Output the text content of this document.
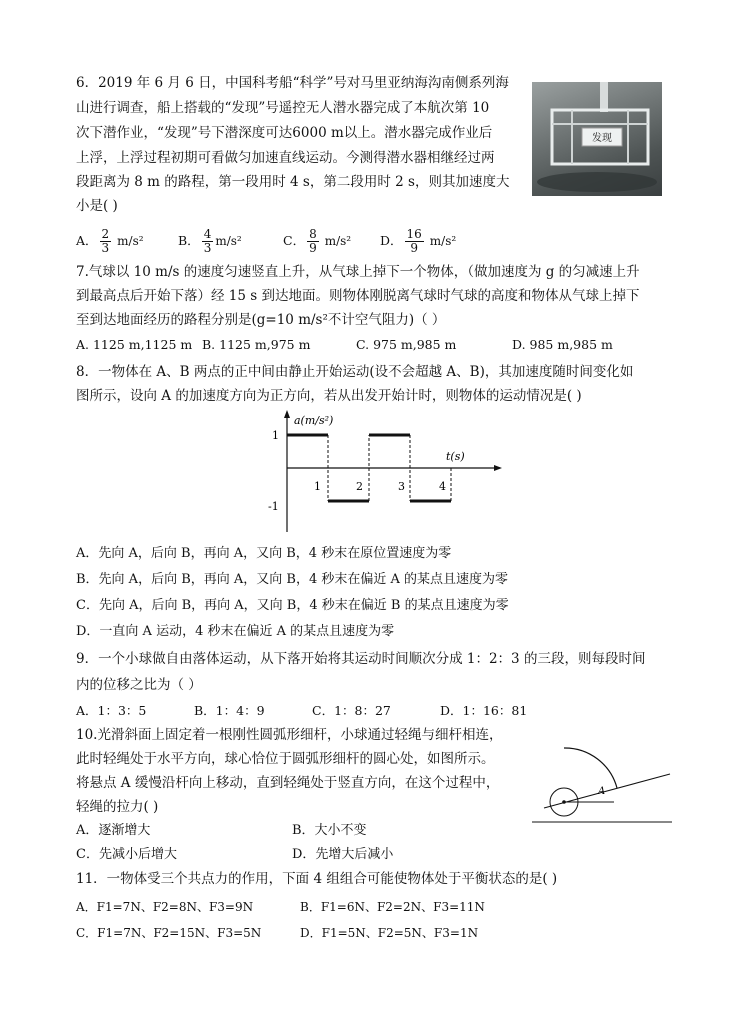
6．2019 年 6 月 6 日，中国科考船“科学”号对马里亚纳海沟南侧系列海
山进行调查，船上搭载的“发现”号遥控无人潜水器完成了本航次第 10
次下潜作业，“发现”号下潜深度可达6000 m以上。潜水器完成作业后
上浮，上浮过程初期可看做匀加速直线运动。今测得潜水器相继经过两
段距离为 8 m 的路程，第一段用时 4 s，第二段用时 2 s，则其加速度大
小是( )
发现
A． $\frac{2}{3} m/s^2$	B． $\frac{4}{3} m/s^2$	C． $\frac{8}{9} m/s^2$ D． $\frac{16}{9} m/s^2$
7.气球以 10 m/s 的速度匀速竖直上升，从气球上掉下一个物体，（做加速度为 g 的匀减速上升
到最高点后开始下落）经 15 s 到达地面。则物体刚脱离气球时气球的高度和物体从气球上掉下
至到达地面经历的路程分别是(g=10 m/s²不计空气阻力)（ ）
A. 1125 m,1125 m B. 1125 m,975 m	C. 975 m,985 m	D. 985 m,985 m
8．一物体在 A、B 两点的正中间由静止开始运动(设不会超越 A、B)，其加速度随时间变化如
图所示，设向 A 的加速度方向为正方向，若从出发开始计时，则物体的运动情况是( )
a(m/s²)
t(s)
1
-1
1	2	3	4
A．先向 A，后向 B，再向 A，又向 B，4 秒末在原位置速度为零
B．先向 A，后向 B，再向 A，又向 B，4 秒末在偏近 A 的某点且速度为零
C．先向 A，后向 B，再向 A，又向 B，4 秒末在偏近 B 的某点且速度为零
D．一直向 A 运动，4 秒末在偏近 A 的某点且速度为零
9．一个小球做自由落体运动，从下落开始将其运动时间顺次分成 1：2：3 的三段，则每段时间
内的位移之比为（ ）
A．1：3：5	B．1：4：9	C．1：8：27	D．1：16：81
10.光滑斜面上固定着一根刚性圆弧形细杆，小球通过轻绳与细杆相连，
此时轻绳处于水平方向，球心恰位于圆弧形细杆的圆心处，如图所示。
将悬点 A 缓慢沿杆向上移动，直到轻绳处于竖直方向，在这个过程中，
轻绳的拉力( )
A
A．逐渐增大	B．大小不变
C．先减小后增大	D．先增大后减小
11．一物体受三个共点力的作用，下面 4 组组合可能使物体处于平衡状态的是( )
A．F1=7N、F2=8N、F3=9N	B．F1=6N、F2=2N、F3=11N
C．F1=7N、F2=15N、F3=5N	D．F1=5N、F2=5N、F3=1N
